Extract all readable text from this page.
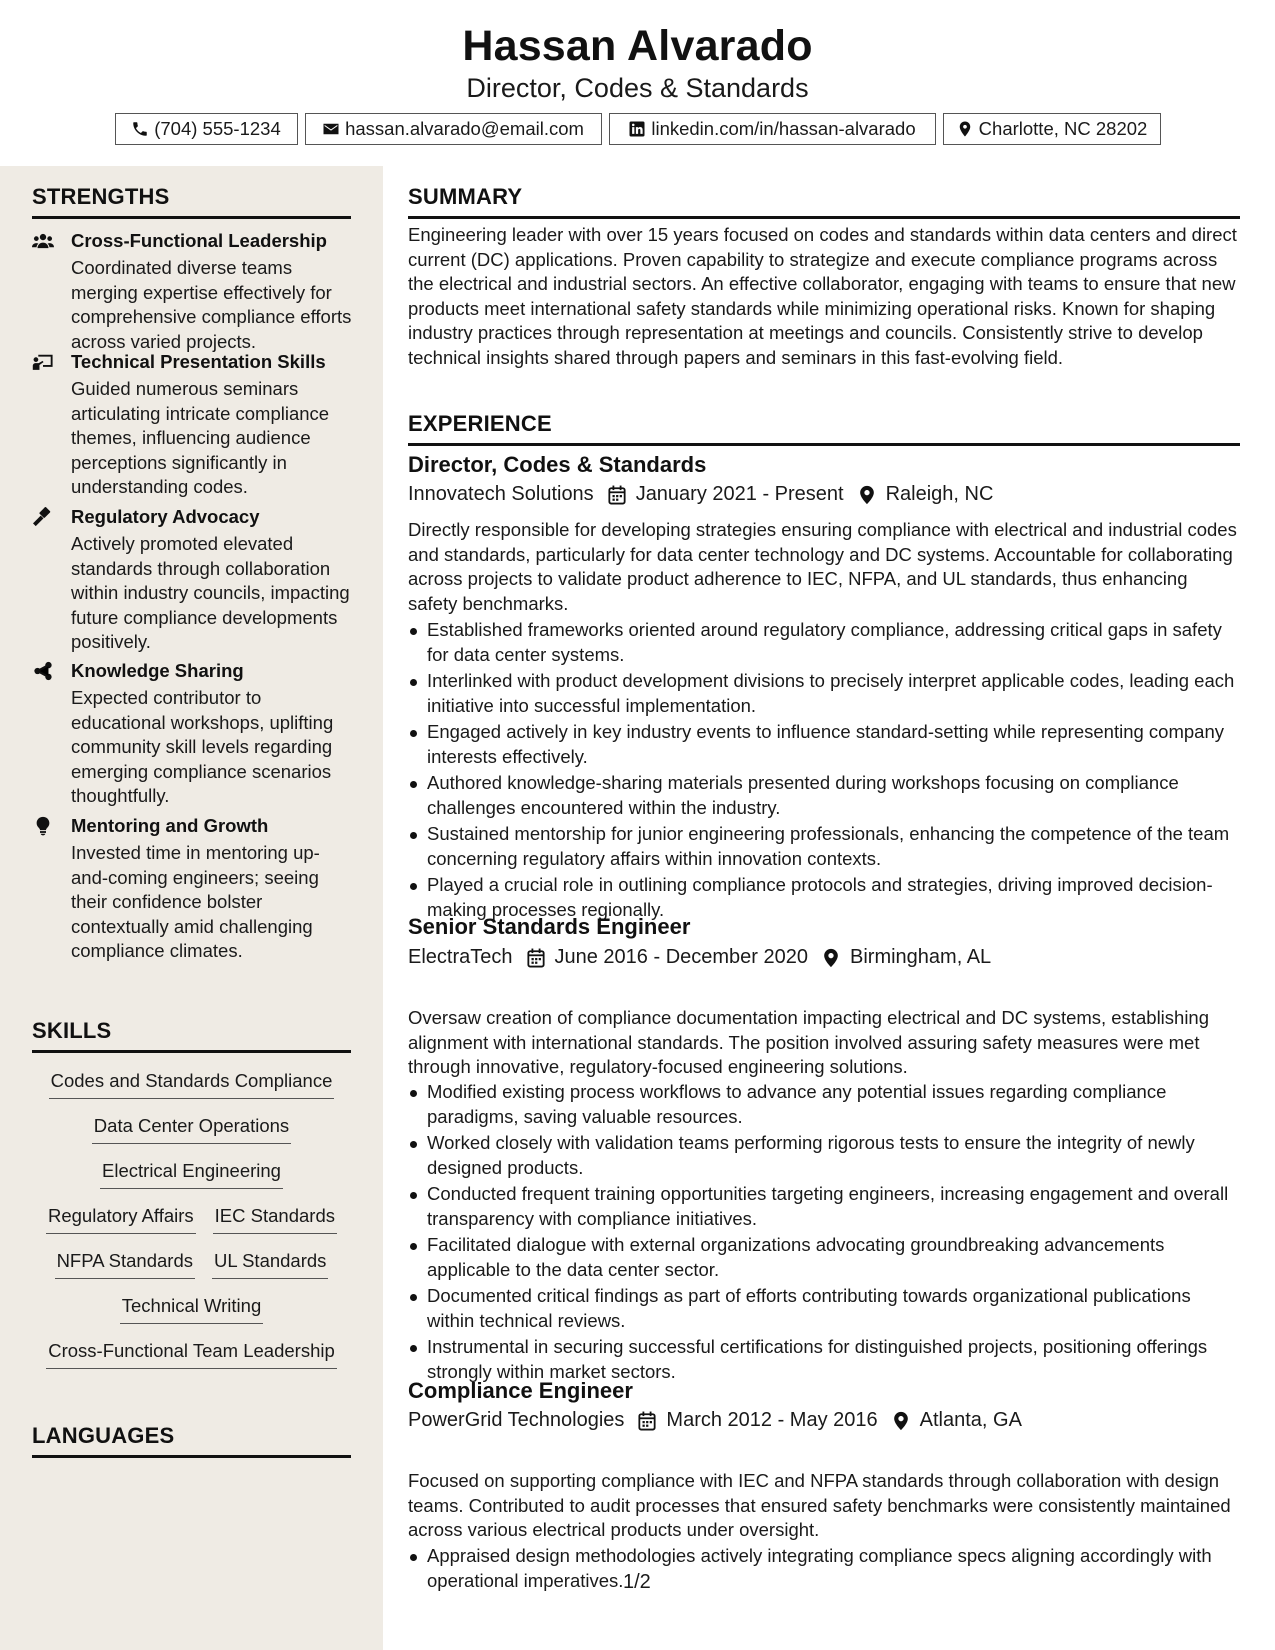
Hassan Alvarado
Director, Codes & Standards
(704) 555-1234	hassan.alvarado@email.com	linkedin.com/in/hassan-alvarado	Charlotte, NC 28202
STRENGTHS
Cross-Functional Leadership
Coordinated diverse teams merging expertise effectively for comprehensive compliance efforts across varied projects.
Technical Presentation Skills
Guided numerous seminars articulating intricate compliance themes, influencing audience perceptions significantly in understanding codes.
Regulatory Advocacy
Actively promoted elevated standards through collaboration within industry councils, impacting future compliance developments positively.
Knowledge Sharing
Expected contributor to educational workshops, uplifting community skill levels regarding emerging compliance scenarios thoughtfully.
Mentoring and Growth
Invested time in mentoring up-and-coming engineers; seeing their confidence bolster contextually amid challenging compliance climates.
SKILLS
Codes and Standards Compliance
Data Center Operations
Electrical Engineering
Regulatory Affairs IEC Standards
NFPA Standards UL Standards
Technical Writing
Cross-Functional Team Leadership
LANGUAGES
SUMMARY
Engineering leader with over 15 years focused on codes and standards within data centers and direct current (DC) applications. Proven capability to strategize and execute compliance programs across the electrical and industrial sectors. An effective collaborator, engaging with teams to ensure that new products meet international safety standards while minimizing operational risks. Known for shaping industry practices through representation at meetings and councils. Consistently strive to develop technical insights shared through papers and seminars in this fast-evolving field.
EXPERIENCE
Director, Codes & Standards
Innovatech Solutions January 2021 - Present Raleigh, NC
Directly responsible for developing strategies ensuring compliance with electrical and industrial codes and standards, particularly for data center technology and DC systems. Accountable for collaborating across projects to validate product adherence to IEC, NFPA, and UL standards, thus enhancing safety benchmarks.
Established frameworks oriented around regulatory compliance, addressing critical gaps in safety for data center systems.
Interlinked with product development divisions to precisely interpret applicable codes, leading each initiative into successful implementation.
Engaged actively in key industry events to influence standard-setting while representing company interests effectively.
Authored knowledge-sharing materials presented during workshops focusing on compliance challenges encountered within the industry.
Sustained mentorship for junior engineering professionals, enhancing the competence of the team concerning regulatory affairs within innovation contexts.
Played a crucial role in outlining compliance protocols and strategies, driving improved decision-making processes regionally.
Senior Standards Engineer
ElectraTech June 2016 - December 2020 Birmingham, AL
Oversaw creation of compliance documentation impacting electrical and DC systems, establishing alignment with international standards. The position involved assuring safety measures were met through innovative, regulatory-focused engineering solutions.
Modified existing process workflows to advance any potential issues regarding compliance paradigms, saving valuable resources.
Worked closely with validation teams performing rigorous tests to ensure the integrity of newly designed products.
Conducted frequent training opportunities targeting engineers, increasing engagement and overall transparency with compliance initiatives.
Facilitated dialogue with external organizations advocating groundbreaking advancements applicable to the data center sector.
Documented critical findings as part of efforts contributing towards organizational publications within technical reviews.
Instrumental in securing successful certifications for distinguished projects, positioning offerings strongly within market sectors.
Compliance Engineer
PowerGrid Technologies March 2012 - May 2016 Atlanta, GA
Focused on supporting compliance with IEC and NFPA standards through collaboration with design teams. Contributed to audit processes that ensured safety benchmarks were consistently maintained across various electrical products under oversight.
Appraised design methodologies actively integrating compliance specs aligning accordingly with operational imperatives. 1/2
